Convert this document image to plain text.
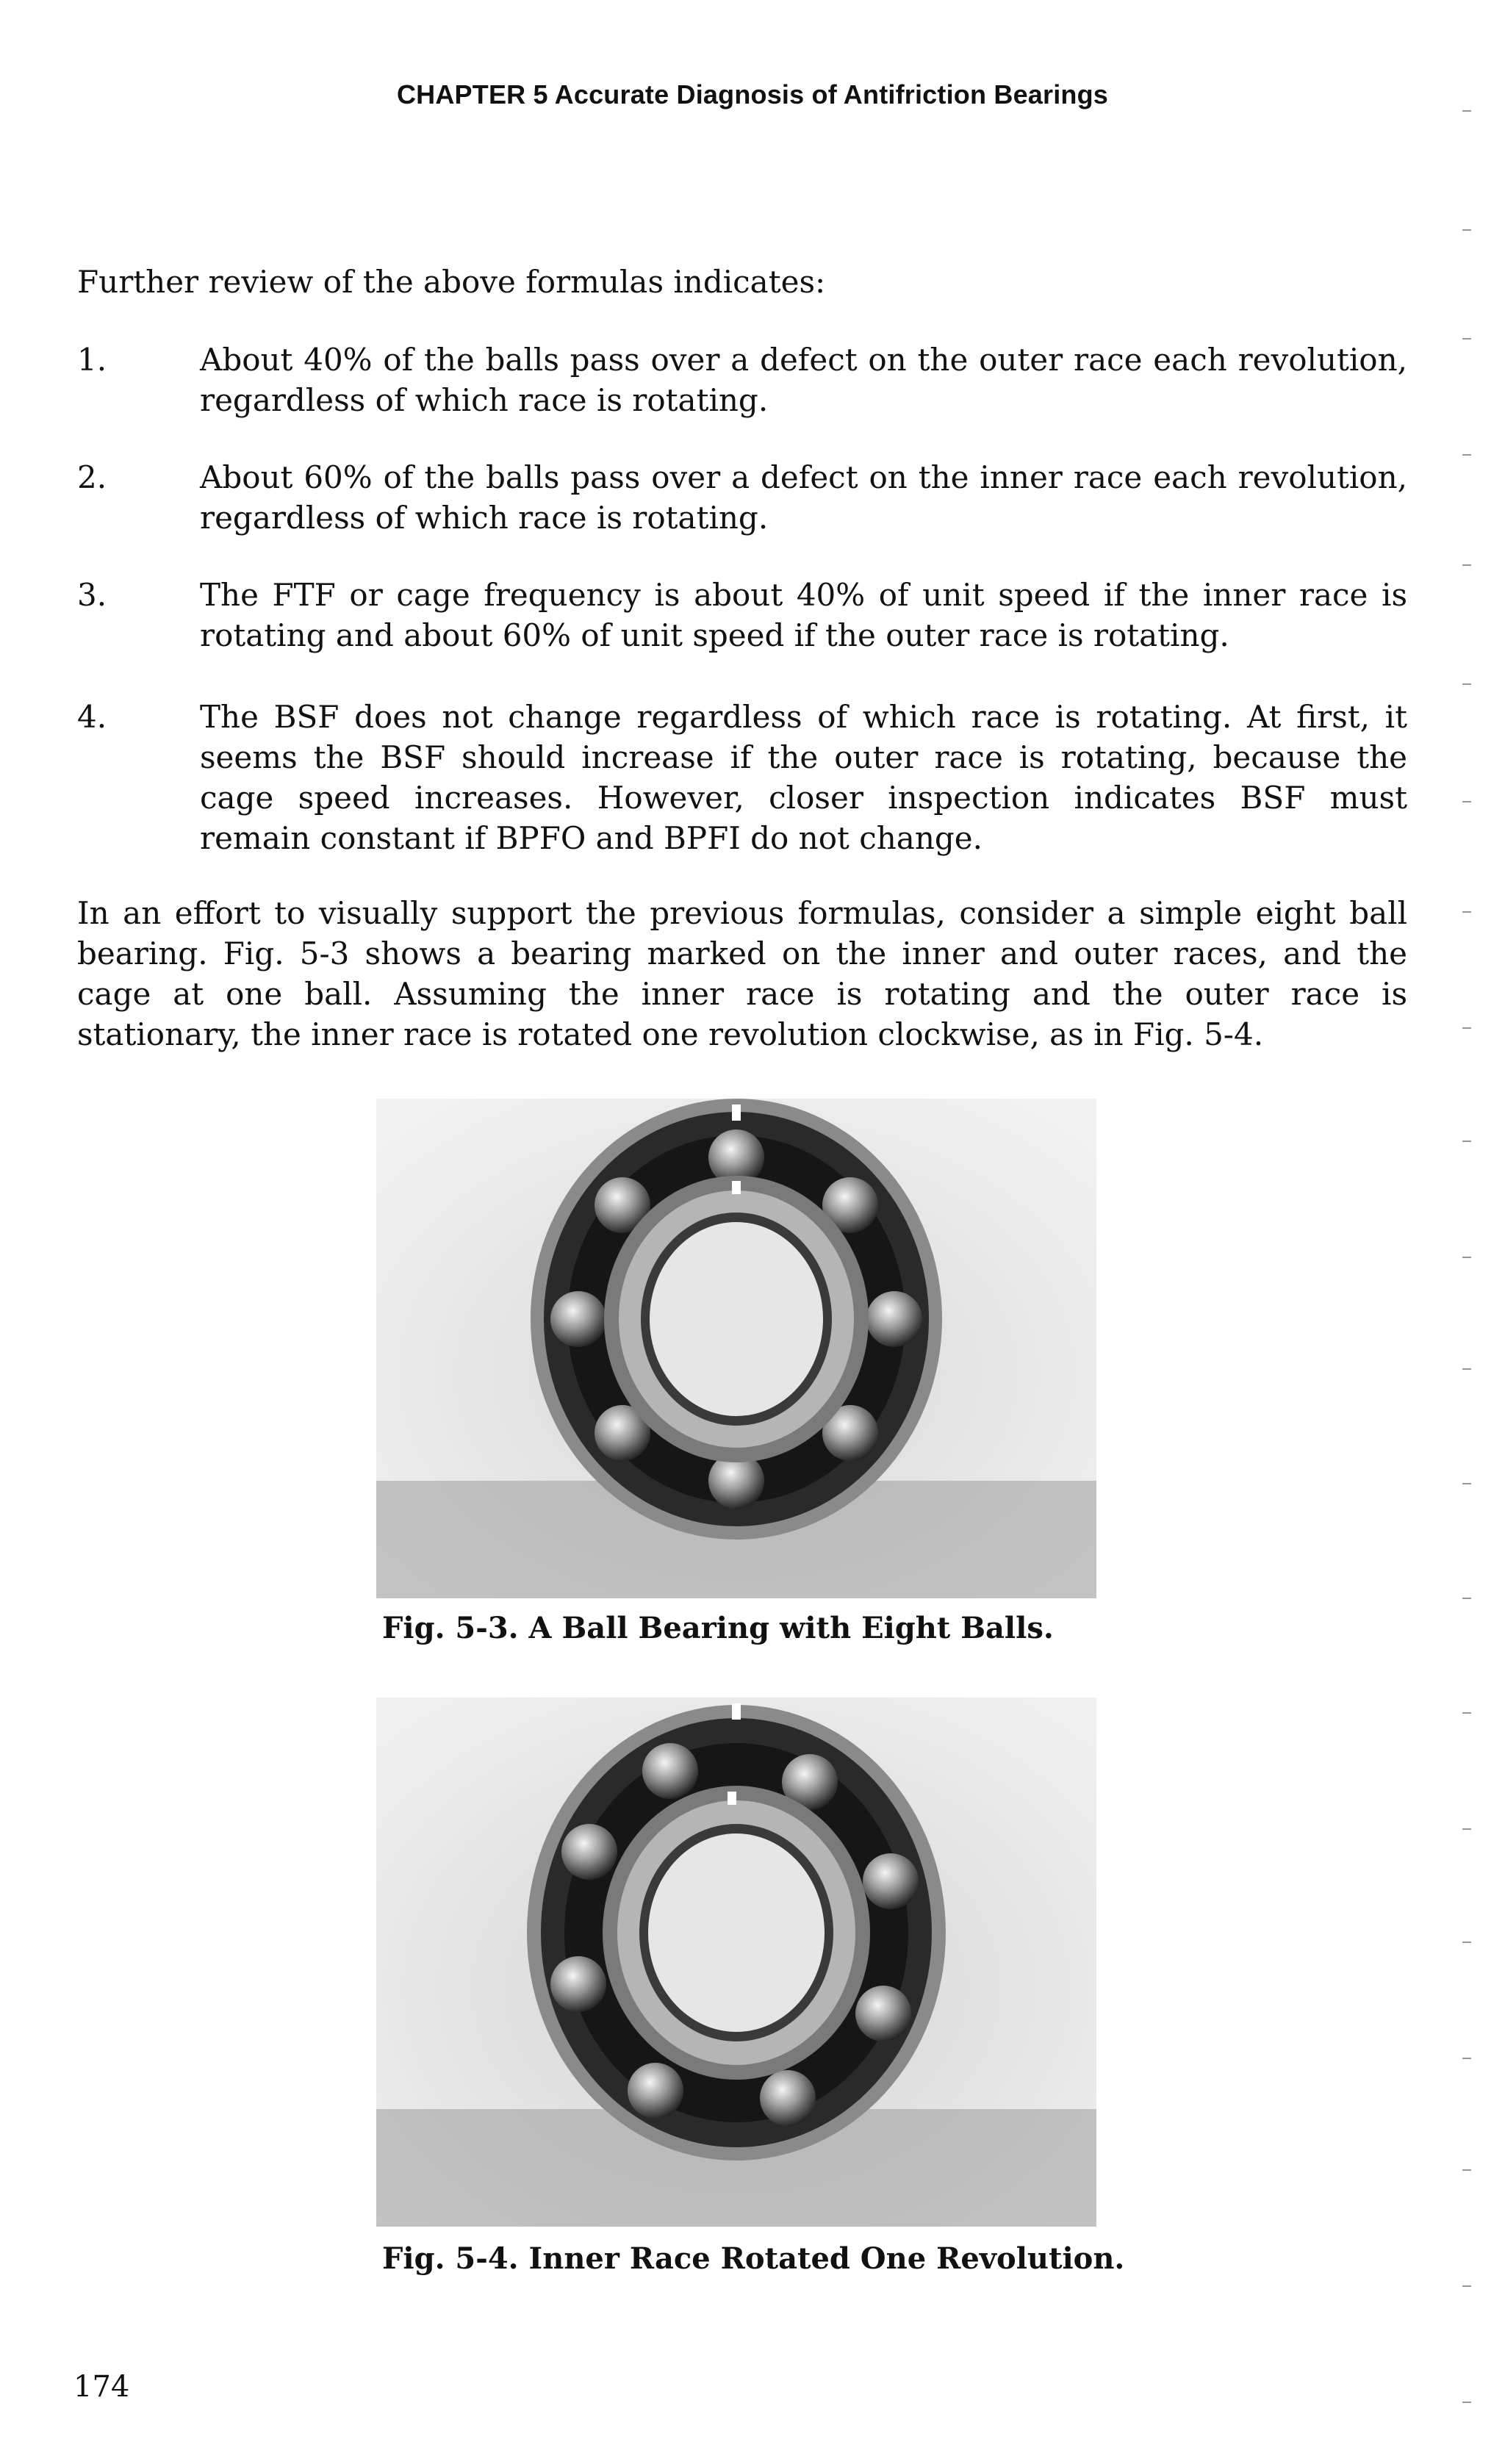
CHAPTER 5 Accurate Diagnosis of Antifriction Bearings
Further review of the above formulas indicates:
1.	About 40% of the balls pass over a defect on the outer race each revolution, regardless of which race is rotating.
2.	About 60% of the balls pass over a defect on the inner race each revolution, regardless of which race is rotating.
3.	The FTF or cage frequency is about 40% of unit speed if the inner race is rotating and about 60% of unit speed if the outer race is rotating.
4.	The BSF does not change regardless of which race is rotating. At first, it seems the BSF should increase if the outer race is rotating, because the cage speed increases. However, closer inspection indicates BSF must remain constant if BPFO and BPFI do not change.
In an effort to visually support the previous formulas, consider a simple eight ball bearing. Fig. 5-3 shows a bearing marked on the inner and outer races, and the cage at one ball. Assuming the inner race is rotating and the outer race is stationary, the inner race is rotated one revolution clockwise, as in Fig. 5-4.
Fig. 5-3. A Ball Bearing with Eight Balls.
Fig. 5-4. Inner Race Rotated One Revolution.
174
